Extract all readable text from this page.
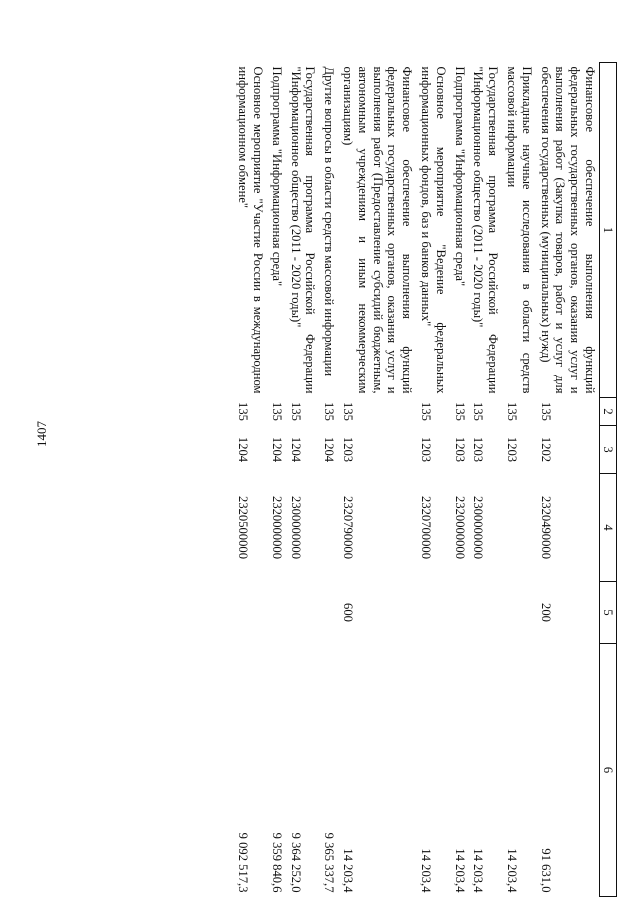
1407
1	2	3	4	5	6
Финансовое обеспечение выполнения функций федеральных государственных органов, оказания услуг и выполнения работ (Закупка товаров, работ и услуг для обеспечения государственных (муниципальных) нужд)	135	1202	2320490000	200	91 631,0
Прикладные научные исследования в области средств массовой информации	135	1203			14 203,4
Государственная программа Российской Федерации "Информационное общество (2011 - 2020 годы)"	135	1203	2300000000		14 203,4
Подпрограмма "Информационная среда"	135	1203	2320000000		14 203,4
Основное мероприятие "Ведение федеральных информационных фондов, баз и банков данных"	135	1203	2320700000		14 203,4
Финансовое обеспечение выполнения функций федеральных государственных органов, оказания услуг и выполнения работ (Предоставление субсидий бюджетным, автономным учреждениям и иным некоммерческим организациям)	135	1203	2320790000	600	14 203,4
Другие вопросы в области средств массовой информации	135	1204			9 365 337,7
Государственная программа Российской Федерации "Информационное общество (2011 - 2020 годы)"	135	1204	2300000000		9 364 252,0
Подпрограмма "Информационная среда"	135	1204	2320000000		9 359 840,6
Основное мероприятие "Участие России в международном информационном обмене"	135	1204	2320500000		9 092 517,3
